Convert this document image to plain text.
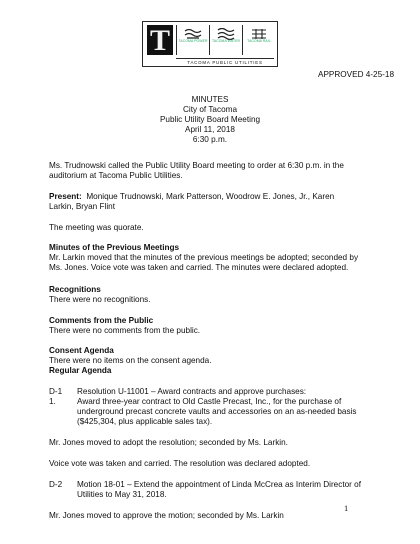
T	TACOMA POWER TACOMA WATER TACOMA RAIL
TACOMA PUBLIC UTILITIES
APPROVED 4-25-18
MINUTES
City of Tacoma
Public Utility Board Meeting
April 11, 2018
6:30 p.m.

Ms. Trudnowski called the Public Utility Board meeting to order at 6:30 p.m. in the auditorium at Tacoma Public Utilities.

Present: Monique Trudnowski, Mark Patterson, Woodrow E. Jones, Jr., Karen Larkin, Bryan Flint

The meeting was quorate.

Minutes of the Previous Meetings

Mr. Larkin moved that the minutes of the previous meetings be adopted; seconded by Ms. Jones. Voice vote was taken and carried. The minutes were declared adopted.

Recognitions

There were no recognitions.

Comments from the Public

There were no comments from the public.

Consent Agenda

There were no items on the consent agenda.

Regular Agenda
D-1 Resolution U-11001 – Award contracts and approve purchases:
1.	Award three-year contract to Old Castle Precast, Inc., for the purchase of underground precast concrete vaults and accessories on an as-needed basis ($425,304, plus applicable sales tax).

Mr. Jones moved to adopt the resolution; seconded by Ms. Larkin.

Voice vote was taken and carried. The resolution was declared adopted.

D-2 Motion 18-01 – Extend the appointment of Linda McCrea as Interim Director of Utilities to May 31, 2018.

Mr. Jones moved to approve the motion; seconded by Ms. Larkin

1
